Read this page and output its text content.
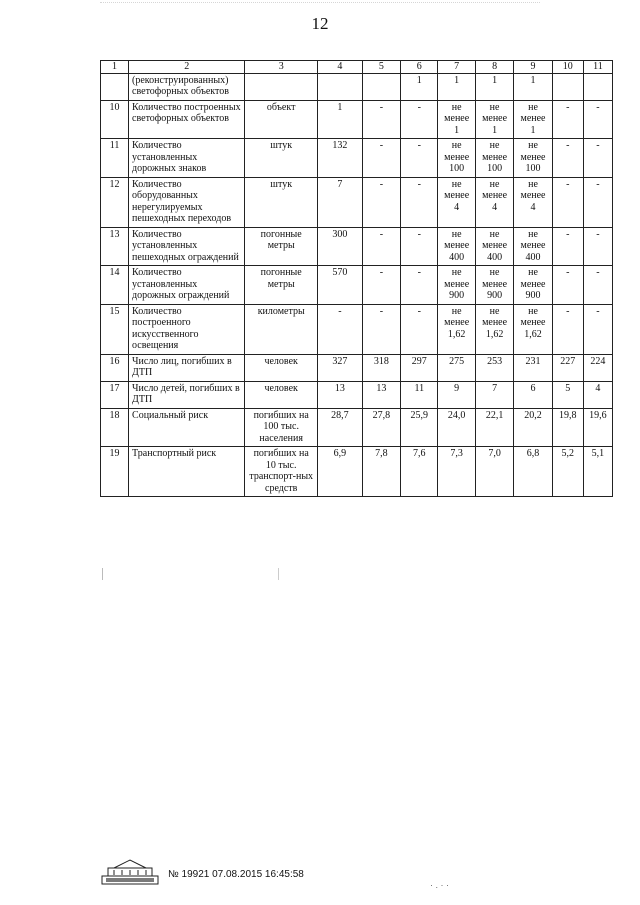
12
1	2	3	4	5	6	7	8	9	10	11
	(реконструированных) светофорных объектов				1	1	1	1		
10	Количество построенных светофорных объектов	объект	1	-	-	не менее 1	не менее 1	не менее 1	-	-
11	Количество установленных дорожных знаков	штук	132	-	-	не менее 100	не менее 100	не менее 100	-	-
12	Количество оборудованных нерегулируемых пешеходных переходов	штук	7	-	-	не менее 4	не менее 4	не менее 4	-	-
13	Количество установленных пешеходных ограждений	погонные метры	300	-	-	не менее 400	не менее 400	не менее 400	-	-
14	Количество установленных дорожных ограждений	погонные метры	570	-	-	не менее 900	не менее 900	не менее 900	-	-
15	Количество построенного искусственного освещения	километры	-	-	-	не менее 1,62	не менее 1,62	не менее 1,62	-	-
16	Число лиц, погибших в ДТП	человек	327	318	297	275	253	231	227	224
17	Число детей, погибших в ДТП	человек	13	13	11	9	7	6	5	4
18	Социальный риск	погибших на 100 тыс. населения	28,7	27,8	25,9	24,0	22,1	20,2	19,8	19,6
19	Транспортный риск	погибших на 10 тыс. транспорт-ных средств	6,9	7,8	7,6	7,3	7,0	6,8	5,2	5,1
№ 19921 07.08.2015 16:45:58
· . · ·
